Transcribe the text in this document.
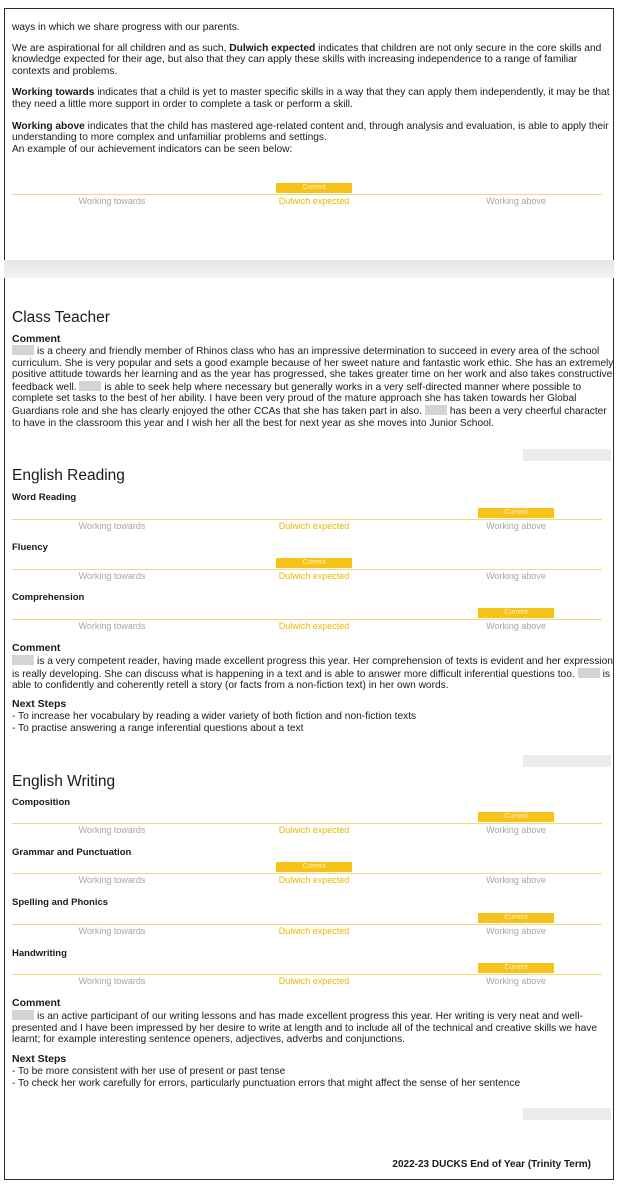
ways in which we share progress with our parents.

We are aspirational for all children and as such, Dulwich expected indicates that children are not only secure in the core skills and knowledge expected for their age, but also that they can apply these skills with increasing independence to a range of familiar contexts and problems.

Working towards indicates that a child is yet to master specific skills in a way that they can apply them independently, it may be that they need a little more support in order to complete a task or perform a skill.

Working above indicates that the child has mastered age-related content and, through analysis and evaluation, is able to apply their understanding to more complex and unfamiliar problems and settings.

An example of our achievement indicators can be seen below:

Current
Working towards	Dulwich expected	Working above
Class Teacher
Comment

is a cheery and friendly member of Rhinos class who has an impressive determination to succeed in every area of the school curriculum. She is very popular and sets a good example because of her sweet nature and fantastic work ethic. She has an extremely positive attitude towards her learning and as the year has progressed, she takes greater time on her work and also takes constructive feedback well.	is able to seek help where necessary but generally works in a very self-directed manner where possible to complete set tasks to the best of her ability. I have been very proud of the mature approach she has taken towards her Global Guardians role and she has clearly enjoyed the other CCAs that she has taken part in also.	has been a very cheerful character to have in the classroom this year and I wish her all the best for next year as she moves into Junior School.

English Reading
Word Reading
Current
Working towards	Dulwich expected	Working above
Fluency
Current
Working towards	Dulwich expected	Working above
Comprehension
Current
Working towards	Dulwich expected	Working above
Comment

is a very competent reader, having made excellent progress this year. Her comprehension of texts is evident and her expression is really developing. She can discuss what is happening in a text and is able to answer more difficult inferential questions too.	is able to confidently and coherently retell a story (or facts from a non-fiction text) in her own words.

Next Steps

- To increase her vocabulary by reading a wider variety of both fiction and non-fiction texts

- To practise answering a range inferential questions about a text

English Writing
Composition
Current
Working towards	Dulwich expected	Working above
Grammar and Punctuation
Current
Working towards	Dulwich expected	Working above
Spelling and Phonics
Current
Working towards	Dulwich expected	Working above
Handwriting
Current
Working towards	Dulwich expected	Working above
Comment

is an active participant of our writing lessons and has made excellent progress this year. Her writing is very neat and well-presented and I have been impressed by her desire to write at length and to include all of the technical and creative skills we have learnt; for example interesting sentence openers, adjectives, adverbs and conjunctions.

Next Steps

- To be more consistent with her use of present or past tense

- To check her work carefully for errors, particularly punctuation errors that might affect the sense of her sentence

2022-23 DUCKS End of Year (Trinity Term)
